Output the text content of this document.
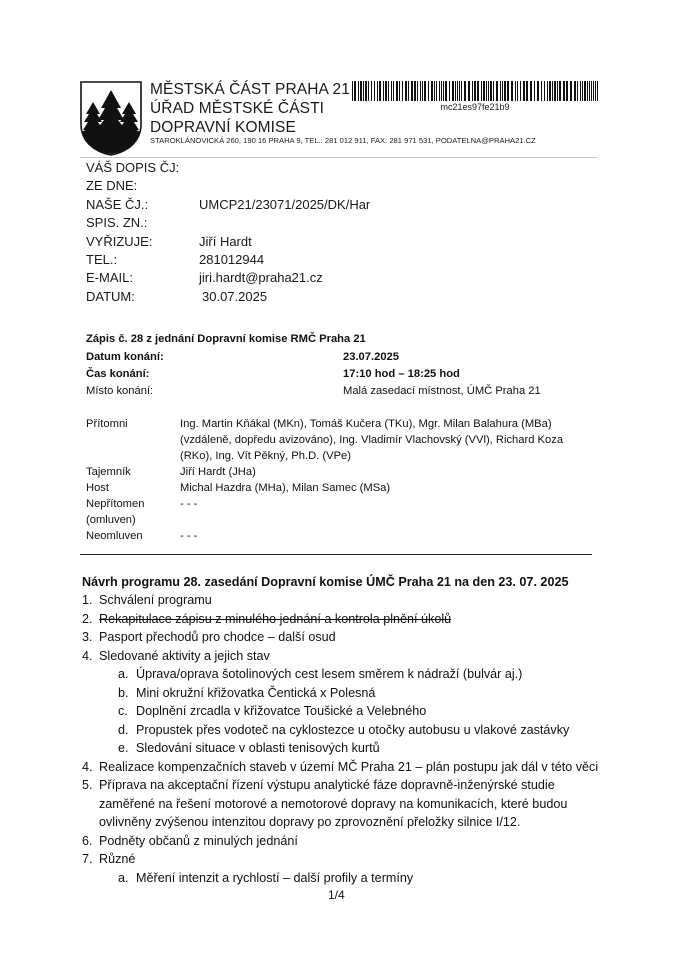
MĚSTSKÁ ČÁST PRAHA 21
ÚŘAD MĚSTSKÉ ČÁSTI
DOPRAVNÍ KOMISE
STAROKLÁNOVICKÁ 260, 190 16 PRAHA 9, TEL.: 281 012 911, FAX: 281 971 531, PODATELNA@PRAHA21.CZ
mc21es97fe21b9
VÁŠ DOPIS ČJ:
ZE DNE:
NAŠE ČJ.:	UMCP21/23071/2025/DK/Har
SPIS. ZN.:
VYŘIZUJE:	Jiří Hardt
TEL.:	281012944
E-MAIL:	jiri.hardt@praha21.cz
DATUM:	30.07.2025
Zápis č. 28 z jednání Dopravní komise RMČ Praha 21
Datum konání:	23.07.2025
Čas konání:	17:10 hod – 18:25 hod
Místo konání:	Malá zasedací místnost, ÚMČ Praha 21
Přítomni	Ing. Martin Kňákal (MKn), Tomáš Kučera (TKu), Mgr. Milan Balahura (MBa)
(vzdáleně, dopředu avizováno), Ing. Vladimír Vlachovský (VVl), Richard Koza
(RKo), Ing. Vít Pěkný, Ph.D. (VPe)
Tajemník	Jiří Hardt (JHa)
Host	Michal Hazdra (MHa), Milan Samec (MSa)
Nepřítomen	- - -
(omluven)
Neomluven	- - -
Návrh programu 28. zasedání Dopravní komise ÚMČ Praha 21 na den 23. 07. 2025
1. Schválení programu
2. Rekapitulace zápisu z minulého jednání a kontrola plnění úkolů
3. Pasport přechodů pro chodce – další osud
4. Sledované aktivity a jejich stav
a. Úprava/oprava šotolinových cest lesem směrem k nádraží (bulvár aj.)
b. Mini okružní křižovatka Čentická x Polesná
c. Doplnění zrcadla v křižovatce Toušické a Velebného
d. Propustek přes vodoteč na cyklostezce u otočky autobusu u vlakové zastávky
e. Sledování situace v oblasti tenisových kurtů
4. Realizace kompenzačních staveb v území MČ Praha 21 – plán postupu jak dál v této věci
5. Příprava na akceptační řízení výstupu analytické fáze dopravně-inženýrské studie
zaměřené na řešení motorové a nemotorové dopravy na komunikacích, které budou
ovlivněny zvýšenou intenzitou dopravy po zprovoznění přeložky silnice I/12.
6. Podněty občanů z minulých jednání
7. Různé
a. Měření intenzit a rychlostí – další profily a termíny
1/4
